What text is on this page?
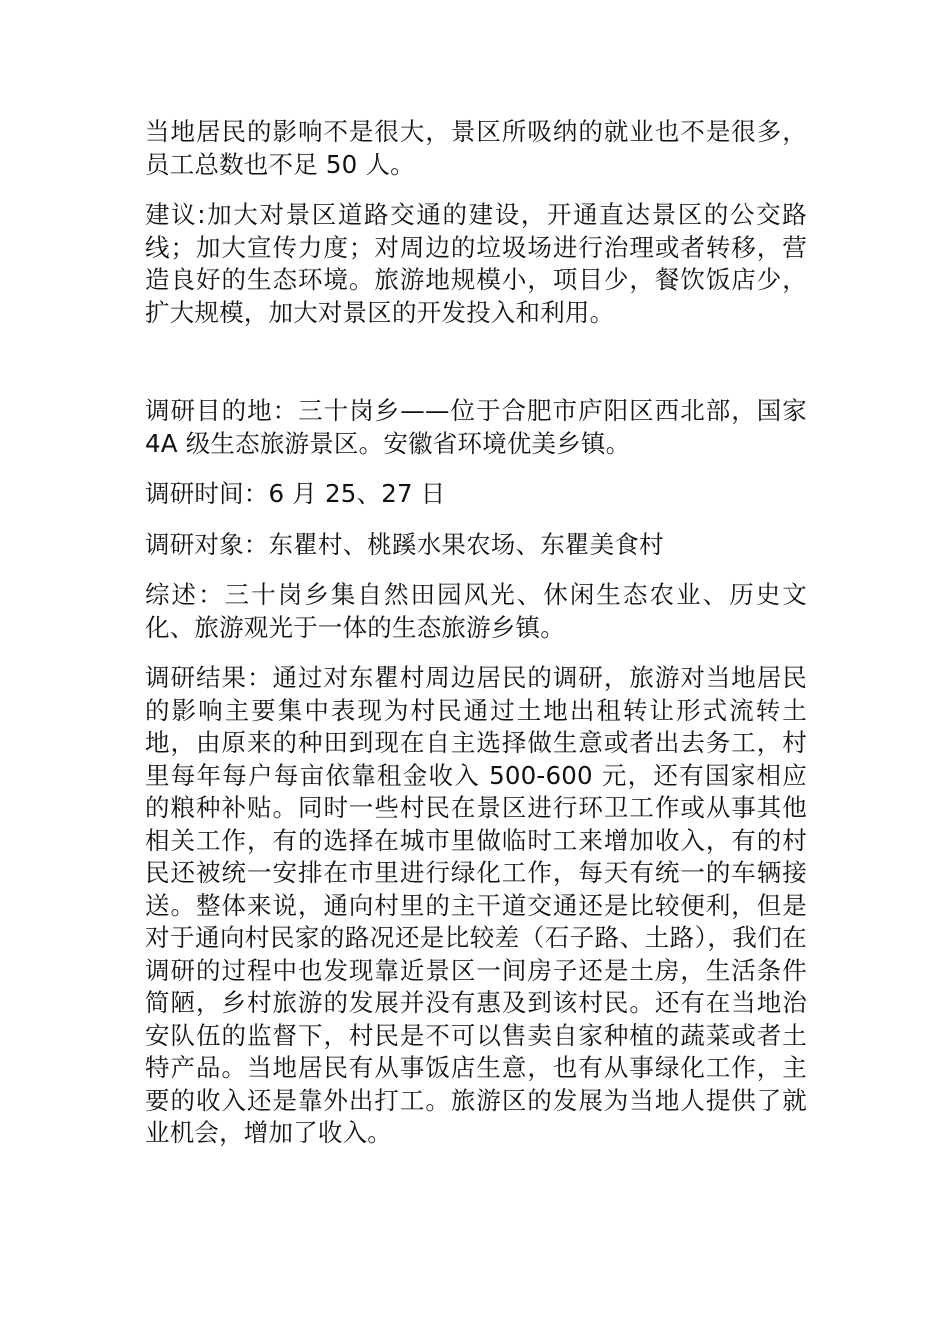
当地居民的影响不是很大，景区所吸纳的就业也不是很多，员工总数也不足 50 人。

建议:加大对景区道路交通的建设，开通直达景区的公交路线；加大宣传力度；对周边的垃圾场进行治理或者转移，营造良好的生态环境。旅游地规模小，项目少，餐饮饭店少，扩大规模，加大对景区的开发投入和利用。

调研目的地：三十岗乡——位于合肥市庐阳区西北部，国家 4A 级生态旅游景区。安徽省环境优美乡镇。

调研时间：6 月 25、27 日

调研对象：东瞿村、桃蹊水果农场、东瞿美食村

综述：三十岗乡集自然田园风光、休闲生态农业、历史文化、旅游观光于一体的生态旅游乡镇。

调研结果：通过对东瞿村周边居民的调研，旅游对当地居民的影响主要集中表现为村民通过土地出租转让形式流转土地，由原来的种田到现在自主选择做生意或者出去务工，村里每年每户每亩依靠租金收入 500-600 元，还有国家相应的粮种补贴。同时一些村民在景区进行环卫工作或从事其他相关工作，有的选择在城市里做临时工来增加收入，有的村民还被统一安排在市里进行绿化工作，每天有统一的车辆接送。整体来说，通向村里的主干道交通还是比较便利，但是对于通向村民家的路况还是比较差（石子路、土路），我们在调研的过程中也发现靠近景区一间房子还是土房，生活条件简陋，乡村旅游的发展并没有惠及到该村民。还有在当地治安队伍的监督下，村民是不可以售卖自家种植的蔬菜或者土特产品。当地居民有从事饭店生意，也有从事绿化工作，主要的收入还是靠外出打工。旅游区的发展为当地人提供了就业机会，增加了收入。
